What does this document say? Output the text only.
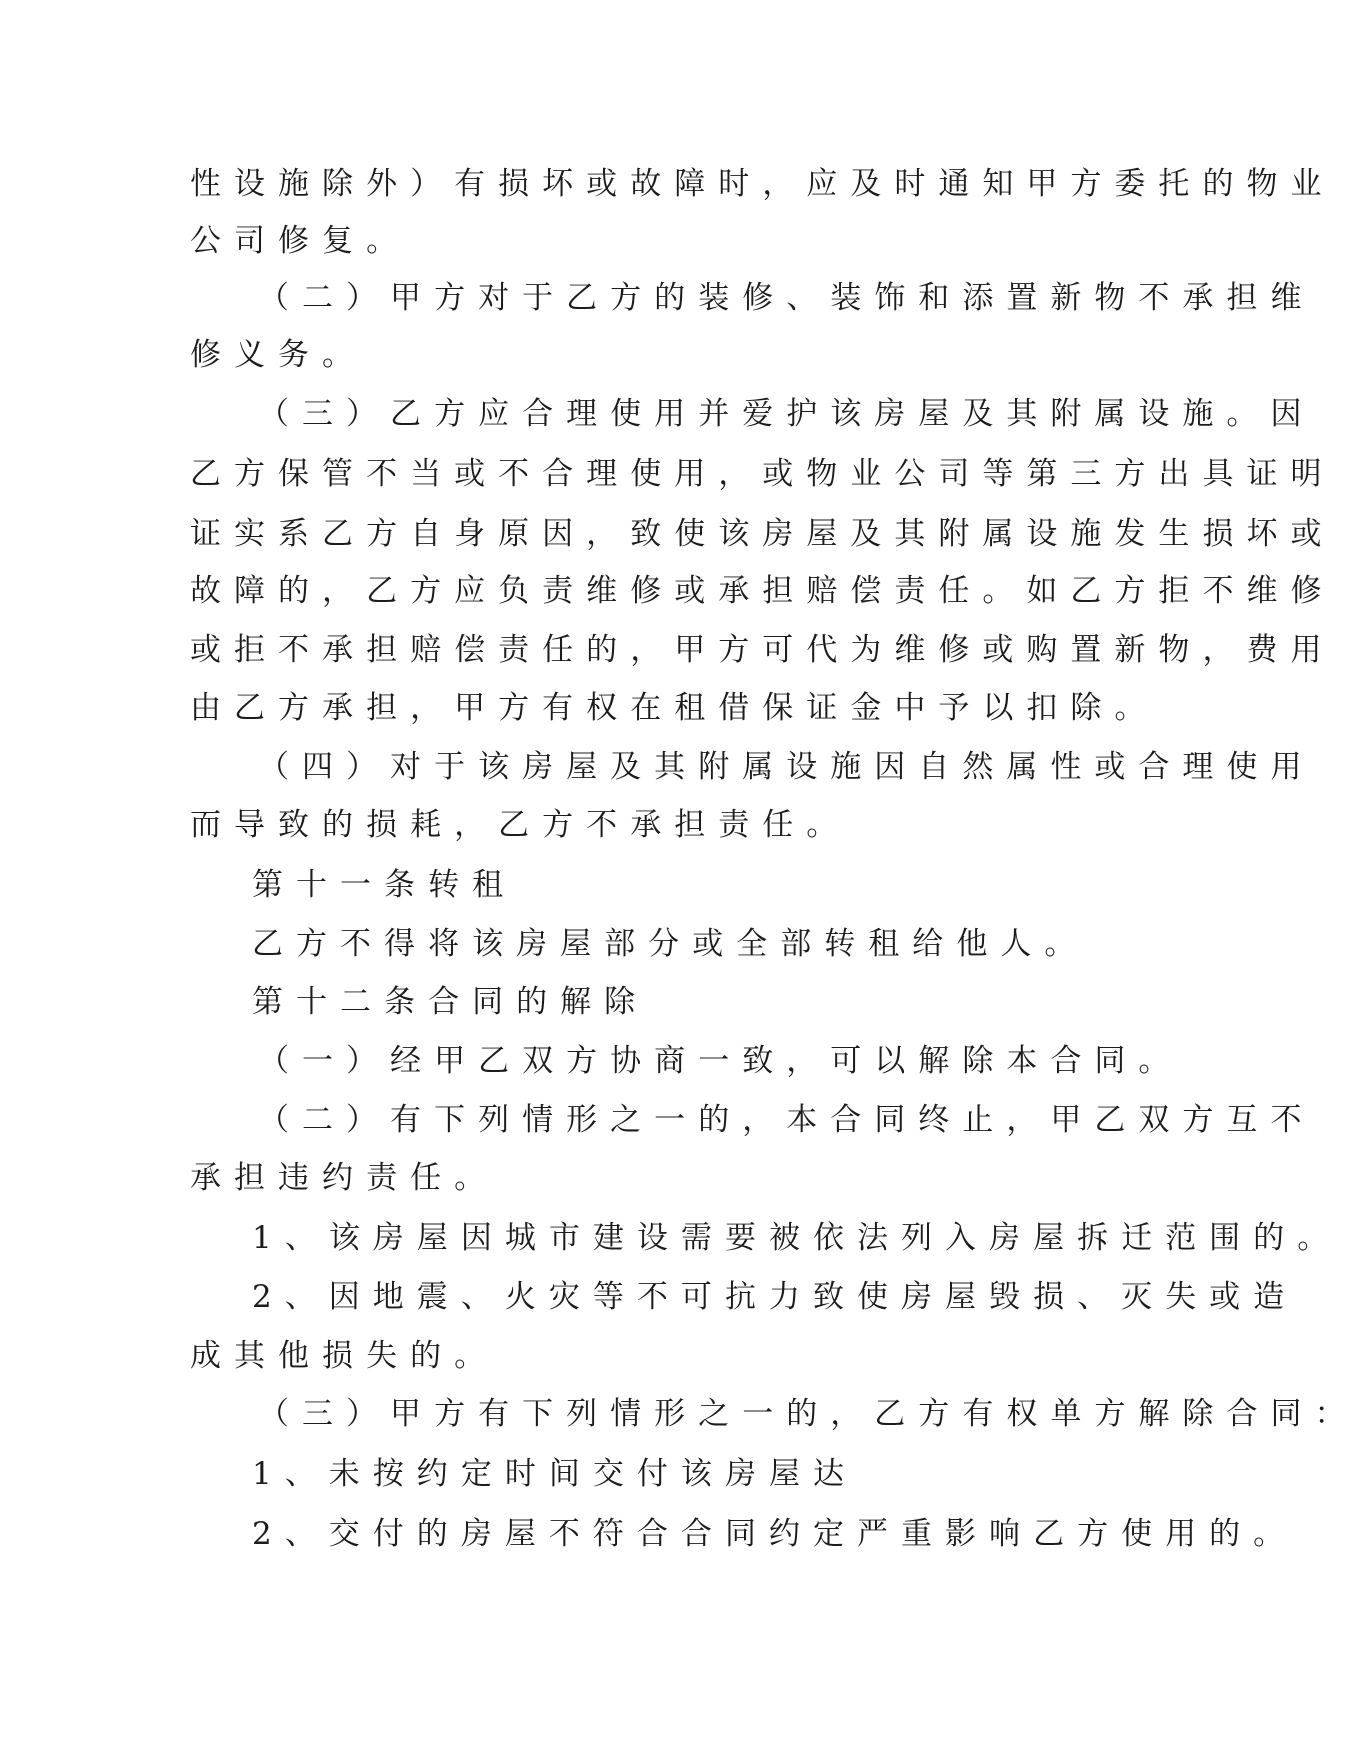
性设施除外）有损坏或故障时，应及时通知甲方委托的物业
公司修复。
（二）甲方对于乙方的装修、装饰和添置新物不承担维
修义务。
（三）乙方应合理使用并爱护该房屋及其附属设施。因
乙方保管不当或不合理使用，或物业公司等第三方出具证明
证实系乙方自身原因，致使该房屋及其附属设施发生损坏或
故障的，乙方应负责维修或承担赔偿责任。如乙方拒不维修
或拒不承担赔偿责任的，甲方可代为维修或购置新物，费用
由乙方承担，甲方有权在租借保证金中予以扣除。
（四）对于该房屋及其附属设施因自然属性或合理使用
而导致的损耗，乙方不承担责任。
第十一条转租
乙方不得将该房屋部分或全部转租给他人。
第十二条合同的解除
（一）经甲乙双方协商一致，可以解除本合同。
（二）有下列情形之一的，本合同终止，甲乙双方互不
承担违约责任。
1、该房屋因城市建设需要被依法列入房屋拆迁范围的。
2、因地震、火灾等不可抗力致使房屋毁损、灭失或造
成其他损失的。
（三）甲方有下列情形之一的，乙方有权单方解除合同：
1、未按约定时间交付该房屋达
2、交付的房屋不符合合同约定严重影响乙方使用的。
